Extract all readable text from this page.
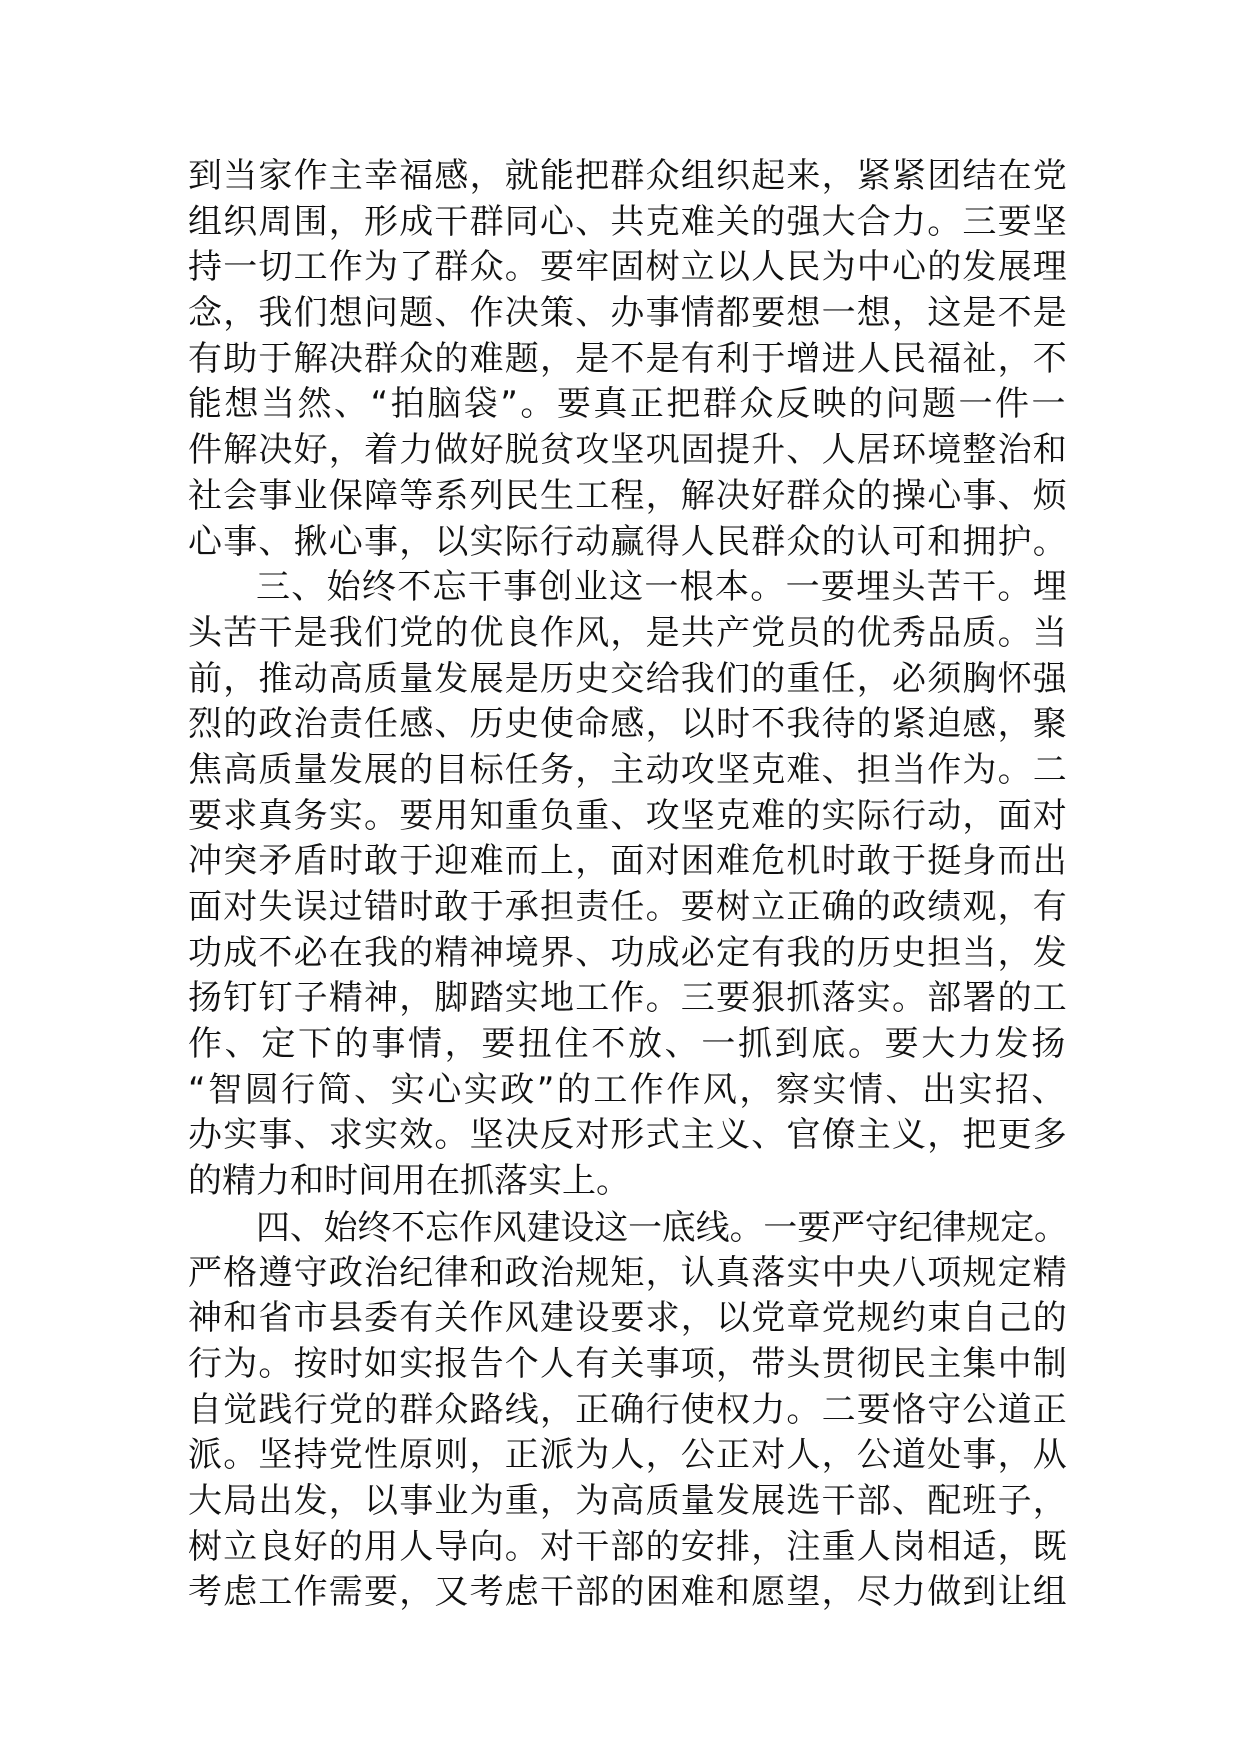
到当家作主幸福感，就能把群众组织起来，紧紧团结在党
组织周围，形成干群同心、共克难关的强大合力。三要坚
持一切工作为了群众。要牢固树立以人民为中心的发展理
念，我们想问题、作决策、办事情都要想一想，这是不是
有助于解决群众的难题，是不是有利于增进人民福祉，不
能想当然、“拍脑袋”。要真正把群众反映的问题一件一
件解决好，着力做好脱贫攻坚巩固提升、人居环境整治和
社会事业保障等系列民生工程，解决好群众的操心事、烦
心事、揪心事，以实际行动赢得人民群众的认可和拥护。
三、始终不忘干事创业这一根本。一要埋头苦干。埋
头苦干是我们党的优良作风，是共产党员的优秀品质。当
前，推动高质量发展是历史交给我们的重任，必须胸怀强
烈的政治责任感、历史使命感，以时不我待的紧迫感，聚
焦高质量发展的目标任务，主动攻坚克难、担当作为。二
要求真务实。要用知重负重、攻坚克难的实际行动，面对
冲突矛盾时敢于迎难而上，面对困难危机时敢于挺身而出
面对失误过错时敢于承担责任。要树立正确的政绩观，有
功成不必在我的精神境界、功成必定有我的历史担当，发
扬钉钉子精神，脚踏实地工作。三要狠抓落实。部署的工
作、定下的事情，要扭住不放、一抓到底。要大力发扬
“智圆行简、实心实政”的工作作风，察实情、出实招、
办实事、求实效。坚决反对形式主义、官僚主义，把更多
的精力和时间用在抓落实上。
四、始终不忘作风建设这一底线。一要严守纪律规定。
严格遵守政治纪律和政治规矩，认真落实中央八项规定精
神和省市县委有关作风建设要求，以党章党规约束自己的
行为。按时如实报告个人有关事项，带头贯彻民主集中制
自觉践行党的群众路线，正确行使权力。二要恪守公道正
派。坚持党性原则，正派为人，公正对人，公道处事，从
大局出发，以事业为重，为高质量发展选干部、配班子，
树立良好的用人导向。对干部的安排，注重人岗相适，既
考虑工作需要，又考虑干部的困难和愿望，尽力做到让组
